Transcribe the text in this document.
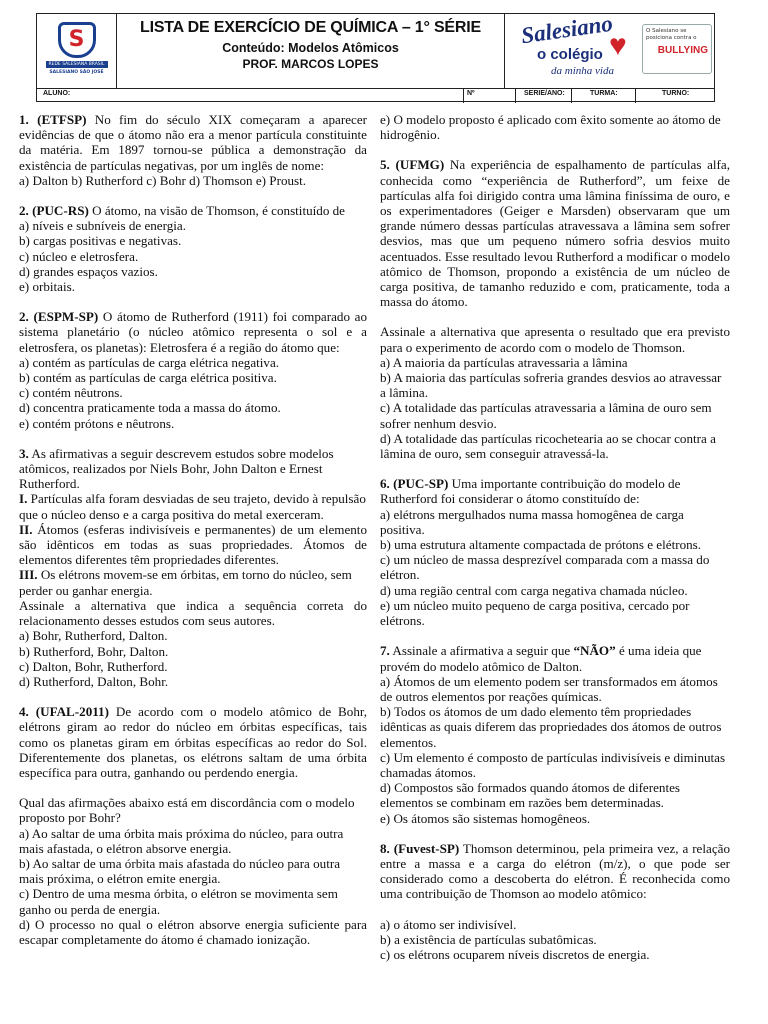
S
REDE SALESIANA BRASIL
SALESIANO SÃO JOSÉ
LISTA DE EXERCÍCIO DE QUÍMICA – 1° SÉRIE
Conteúdo: Modelos Atômicos
PROF. MARCOS LOPES
Salesiano
o colégio
da minha vida
♥	O Salesiano se posiciona contra o
BULLYING
ALUNO:	Nº	SERIE/ANO:	TURMA:	TURNO:

1. (ETFSP) No fim do século XIX começaram a aparecer evidências de que o átomo não era a menor partícula constituinte da matéria. Em 1897 tornou-se pública a demonstração da existência de partículas negativas, por um inglês de nome:

a) Dalton b) Rutherford c) Bohr d) Thomson e) Proust.

2. (PUC-RS) O átomo, na visão de Thomson, é constituído de

a) níveis e subníveis de energia.

b) cargas positivas e negativas.

c) núcleo e eletrosfera.

d) grandes espaços vazios.

e) orbitais.

2. (ESPM-SP) O átomo de Rutherford (1911) foi comparado ao sistema planetário (o núcleo atômico representa o sol e a eletrosfera, os planetas): Eletrosfera é a região do átomo que:

a) contém as partículas de carga elétrica negativa.

b) contém as partículas de carga elétrica positiva.

c) contém nêutrons.

d) concentra praticamente toda a massa do átomo.

e) contém prótons e nêutrons.

3. As afirmativas a seguir descrevem estudos sobre modelos atômicos, realizados por Niels Bohr, John Dalton e Ernest Rutherford.

I. Partículas alfa foram desviadas de seu trajeto, devido à repulsão que o núcleo denso e a carga positiva do metal exerceram.

II. Átomos (esferas indivisíveis e permanentes) de um elemento são idênticos em todas as suas propriedades. Átomos de elementos diferentes têm propriedades diferentes.

III. Os elétrons movem-se em órbitas, em torno do núcleo, sem perder ou ganhar energia.

Assinale a alternativa que indica a sequência correta do relacionamento desses estudos com seus autores.

a) Bohr, Rutherford, Dalton.

b) Rutherford, Bohr, Dalton.

c) Dalton, Bohr, Rutherford.

d) Rutherford, Dalton, Bohr.

4. (UFAL-2011) De acordo com o modelo atômico de Bohr, elétrons giram ao redor do núcleo em órbitas específicas, tais como os planetas giram em órbitas específicas ao redor do Sol. Diferentemente dos planetas, os elétrons saltam de uma órbita específica para outra, ganhando ou perdendo energia.

Qual das afirmações abaixo está em discordância com o modelo proposto por Bohr?

a) Ao saltar de uma órbita mais próxima do núcleo, para outra mais afastada, o elétron absorve energia.

b) Ao saltar de uma órbita mais afastada do núcleo para outra mais próxima, o elétron emite energia.

c) Dentro de uma mesma órbita, o elétron se movimenta sem ganho ou perda de energia.

d) O processo no qual o elétron absorve energia suficiente para escapar completamente do átomo é chamado ionização.

e) O modelo proposto é aplicado com êxito somente ao átomo de hidrogênio.

5. (UFMG) Na experiência de espalhamento de partículas alfa, conhecida como “experiência de Rutherford”, um feixe de partículas alfa foi dirigido contra uma lâmina finíssima de ouro, e os experimentadores (Geiger e Marsden) observaram que um grande número dessas partículas atravessava a lâmina sem sofrer desvios, mas que um pequeno número sofria desvios muito acentuados. Esse resultado levou Rutherford a modificar o modelo atômico de Thomson, propondo a existência de um núcleo de carga positiva, de tamanho reduzido e com, praticamente, toda a massa do átomo.

Assinale a alternativa que apresenta o resultado que era previsto para o experimento de acordo com o modelo de Thomson.

a) A maioria da partículas atravessaria a lâmina

b) A maioria das partículas sofreria grandes desvios ao atravessar a lâmina.

c) A totalidade das partículas atravessaria a lâmina de ouro sem sofrer nenhum desvio.

d) A totalidade das partículas ricochetearia ao se chocar contra a lâmina de ouro, sem conseguir atravessá-la.

6. (PUC-SP) Uma importante contribuição do modelo de Rutherford foi considerar o átomo constituído de:

a) elétrons mergulhados numa massa homogênea de carga positiva.

b) uma estrutura altamente compactada de prótons e elétrons.

c) um núcleo de massa desprezível comparada com a massa do elétron.

d) uma região central com carga negativa chamada núcleo.

e) um núcleo muito pequeno de carga positiva, cercado por elétrons.

7. Assinale a afirmativa a seguir que “NÃO” é uma ideia que provém do modelo atômico de Dalton.

a) Átomos de um elemento podem ser transformados em átomos de outros elementos por reações químicas.

b) Todos os átomos de um dado elemento têm propriedades idênticas as quais diferem das propriedades dos átomos de outros elementos.

c) Um elemento é composto de partículas indivisíveis e diminutas chamadas átomos.

d) Compostos são formados quando átomos de diferentes elementos se combinam em razões bem determinadas.

e) Os átomos são sistemas homogêneos.

8. (Fuvest-SP) Thomson determinou, pela primeira vez, a relação entre a massa e a carga do elétron (m/z), o que pode ser considerado como a descoberta do elétron. É reconhecida como uma contribuição de Thomson ao modelo atômico:

a) o átomo ser indivisível.

b) a existência de partículas subatômicas.

c) os elétrons ocuparem níveis discretos de energia.
